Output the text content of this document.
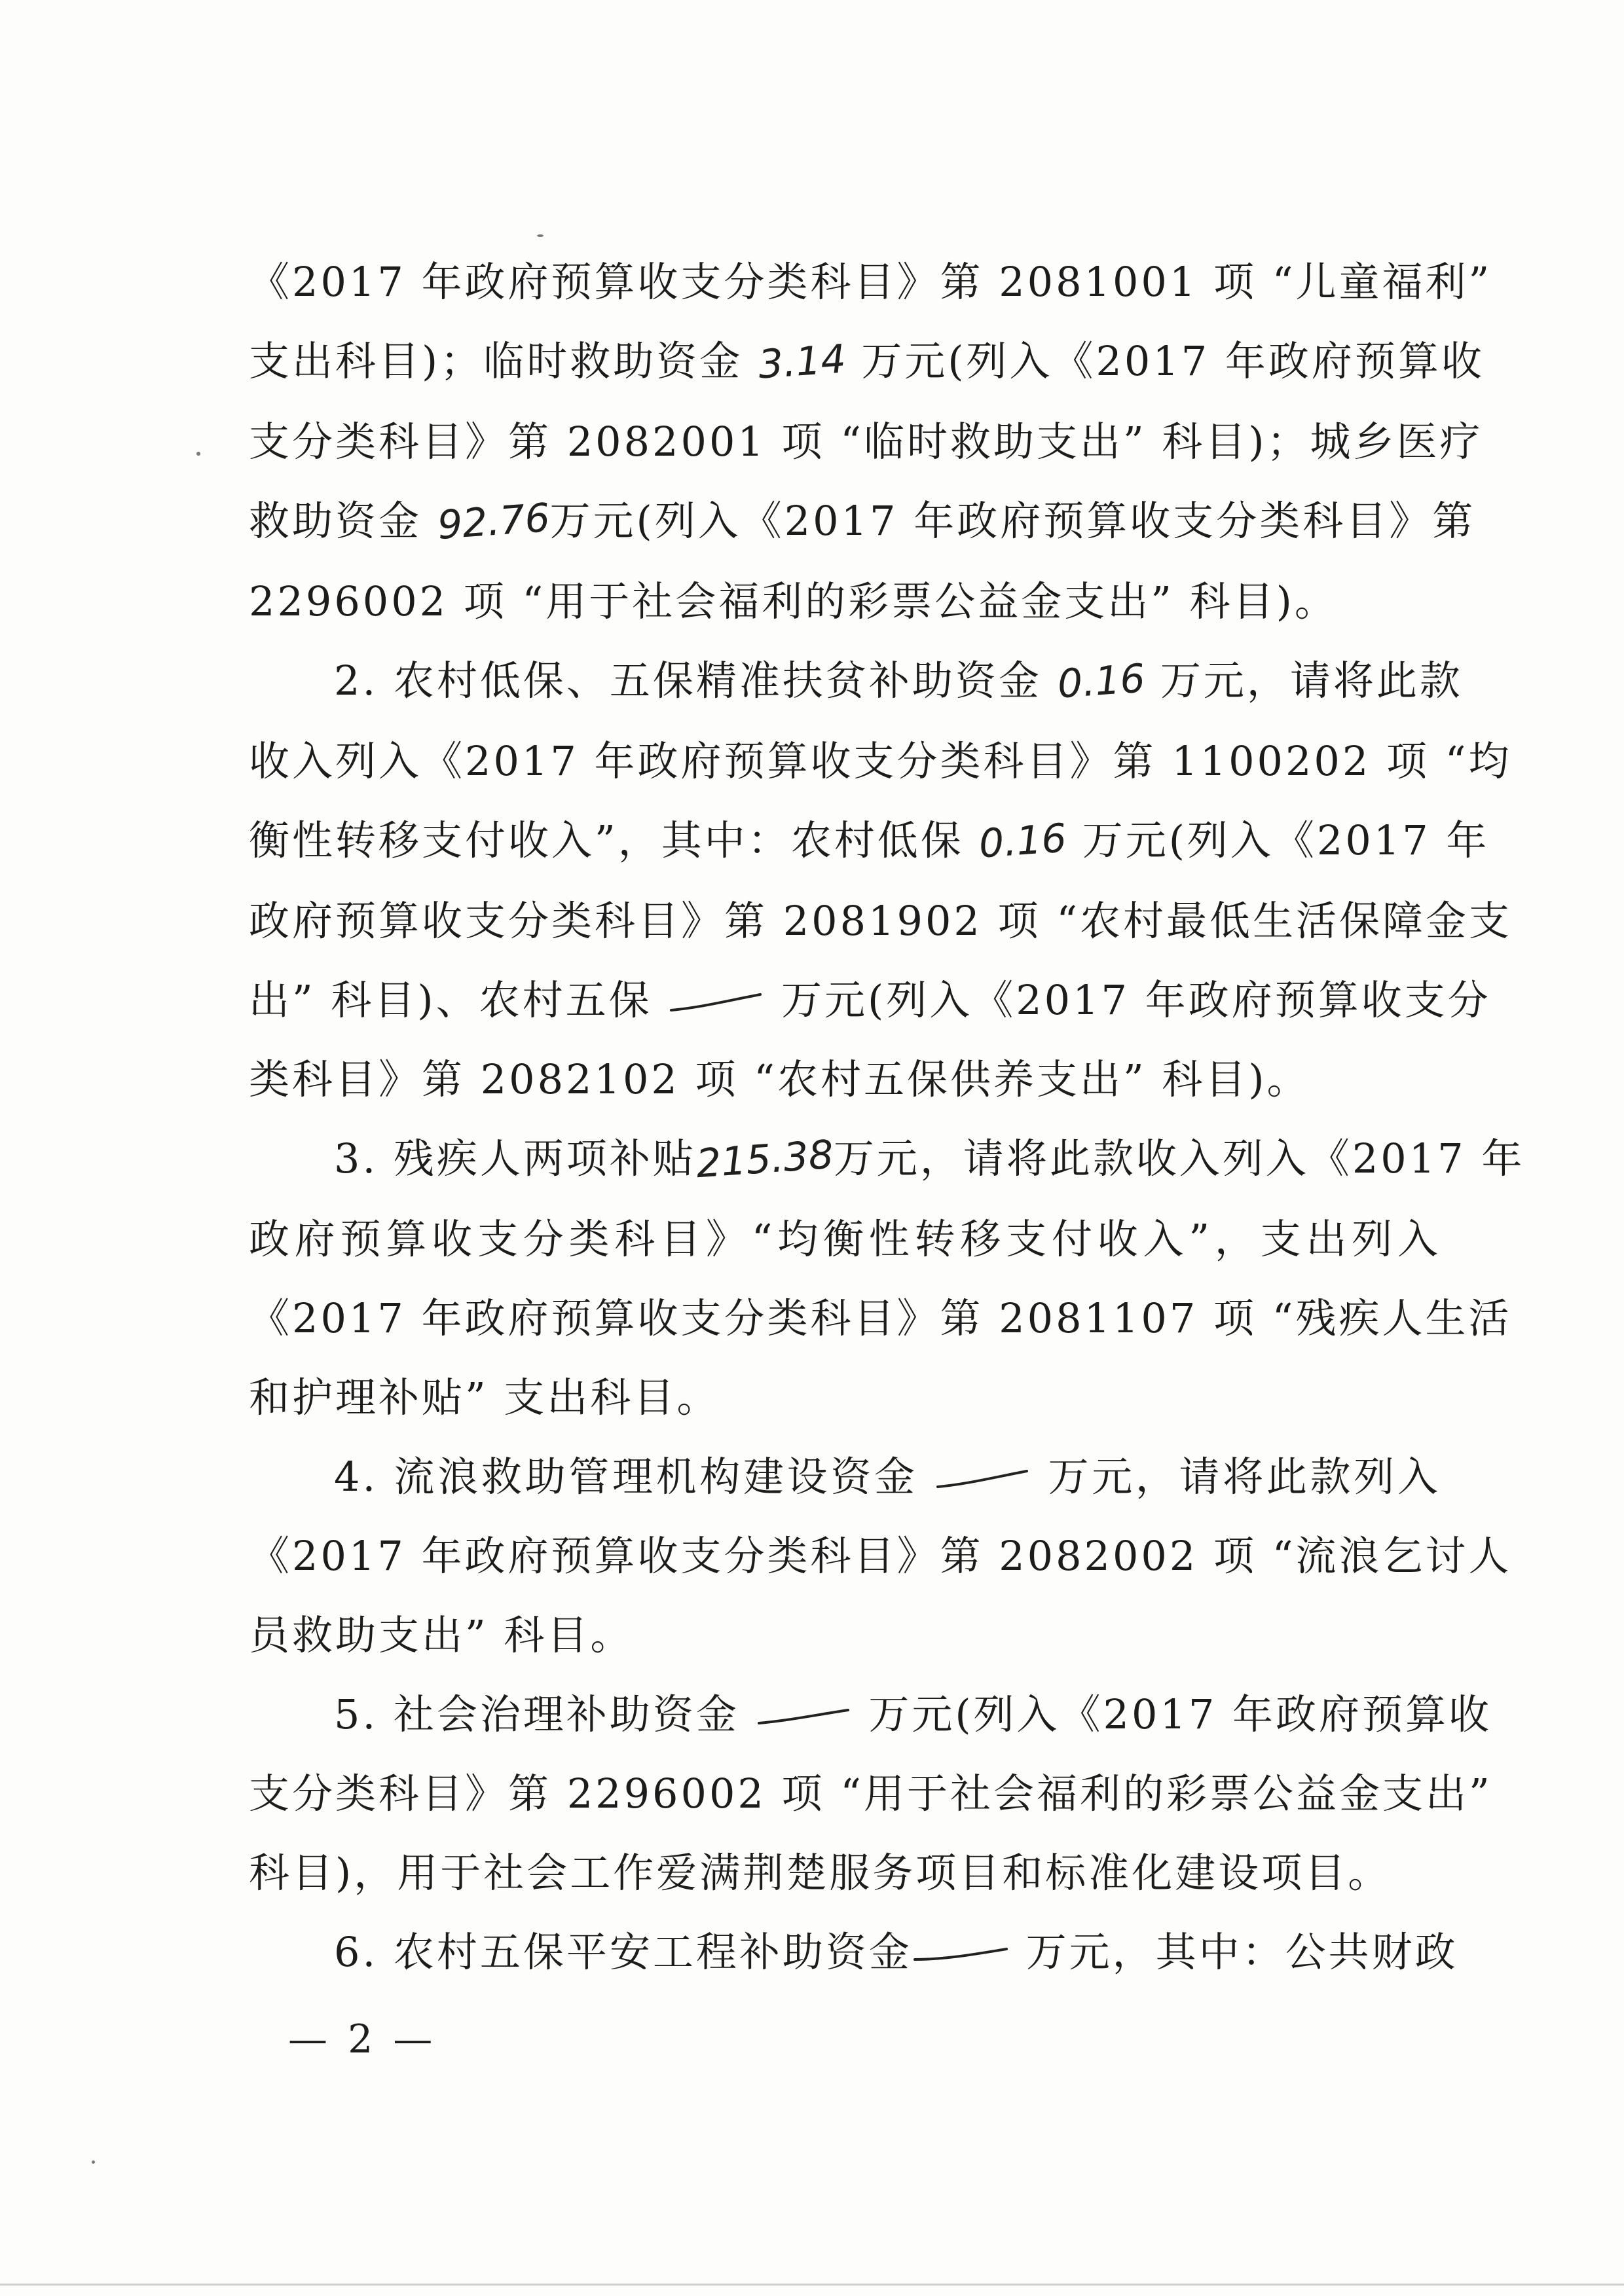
《2017 年政府预算收支分类科目》第 2081001 项 “儿童福利”
支出科目)；临时救助资金 3.14 万元(列入《2017 年政府预算收
支分类科目》第 2082001 项 “临时救助支出” 科目)；城乡医疗
救助资金 92.76万元(列入《2017 年政府预算收支分类科目》第
2296002 项 “用于社会福利的彩票公益金支出” 科目)。

2. 农村低保、五保精准扶贫补助资金 0.16 万元，请将此款
收入列入《2017 年政府预算收支分类科目》第 1100202 项 “均
衡性转移支付收入”，其中：农村低保 0.16 万元(列入《2017 年
政府预算收支分类科目》第 2081902 项 “农村最低生活保障金支
出” 科目)、农村五保	万元(列入《2017 年政府预算收支分
类科目》第 2082102 项 “农村五保供养支出” 科目)。

3. 残疾人两项补贴215.38万元，请将此款收入列入《2017 年
政府预算收支分类科目》“均衡性转移支付收入”，支出列入
《2017 年政府预算收支分类科目》第 2081107 项 “残疾人生活
和护理补贴” 支出科目。

4. 流浪救助管理机构建设资金	万元，请将此款列入
《2017 年政府预算收支分类科目》第 2082002 项 “流浪乞讨人
员救助支出” 科目。

5. 社会治理补助资金	万元(列入《2017 年政府预算收
支分类科目》第 2296002 项 “用于社会福利的彩票公益金支出”
科目)，用于社会工作爱满荆楚服务项目和标准化建设项目。

6. 农村五保平安工程补助资金	万元，其中：公共财政

— 2 —
